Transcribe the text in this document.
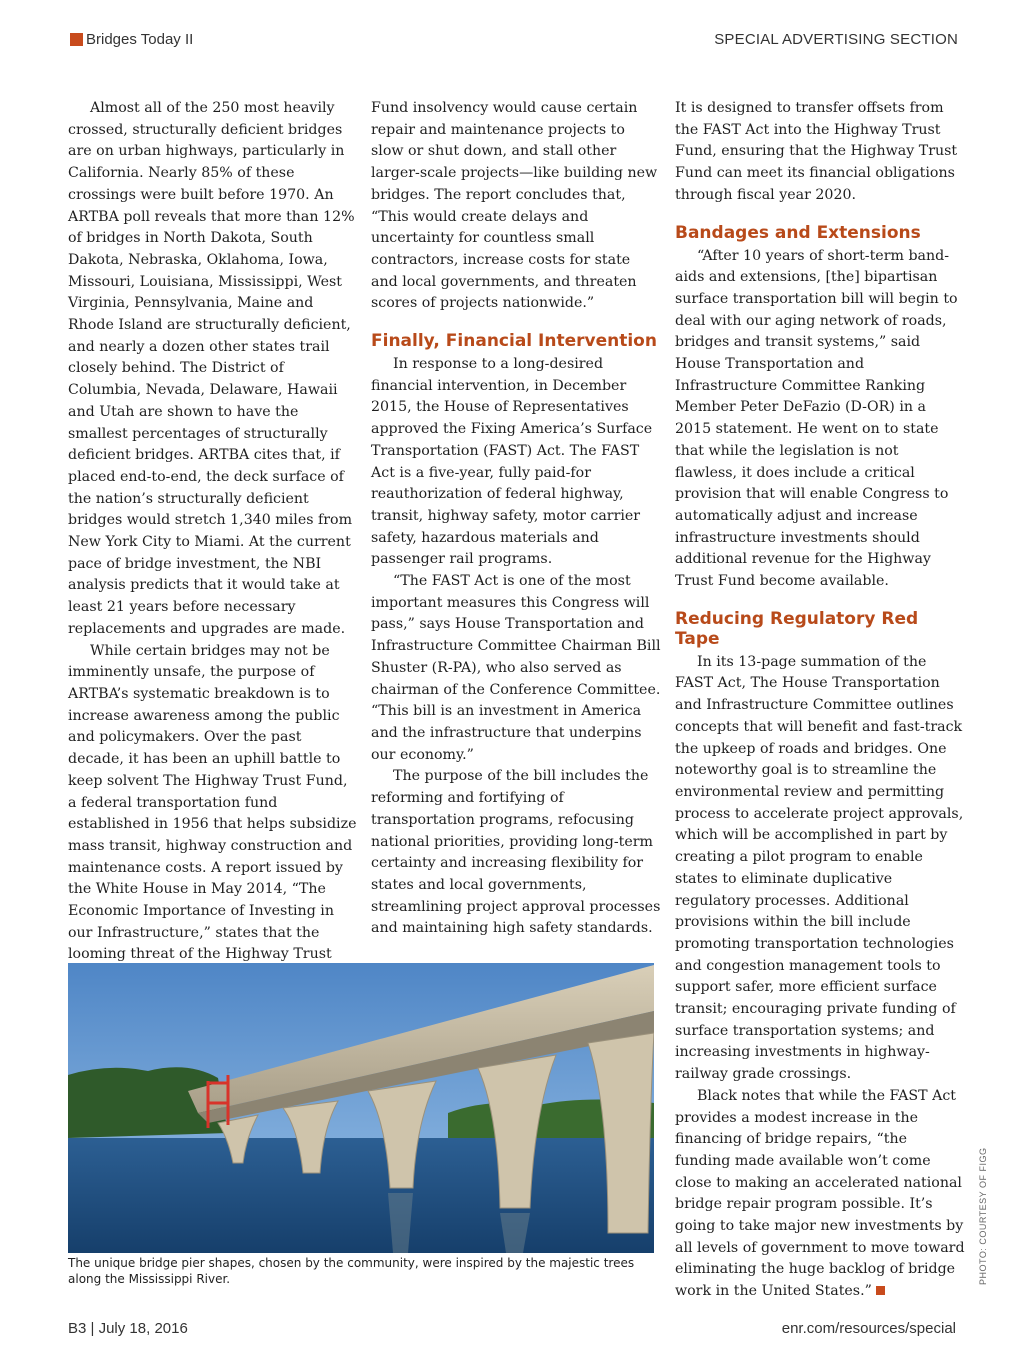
Bridges Today II	SPECIAL ADVERTISING SECTION

Almost all of the 250 most heavily crossed, structurally deficient bridges are on urban highways, particularly in California. Nearly 85% of these crossings were built before 1970. An ARTBA poll reveals that more than 12% of bridges in North Dakota, South Dakota, Nebraska, Oklahoma, Iowa, Missouri, Louisiana, Mississippi, West Virginia, Pennsylvania, Maine and Rhode Island are structurally deficient, and nearly a dozen other states trail closely behind. The District of Columbia, Nevada, Delaware, Hawaii and Utah are shown to have the smallest percentages of structurally deficient bridges. ARTBA cites that, if placed end-to-end, the deck surface of the nation’s structurally deficient bridges would stretch 1,340 miles from New York City to Miami. At the current pace of bridge investment, the NBI analysis predicts that it would take at least 21 years before necessary replacements and upgrades are made.

While certain bridges may not be imminently unsafe, the purpose of ARTBA’s systematic breakdown is to increase awareness among the public and policymakers. Over the past decade, it has been an uphill battle to keep solvent The Highway Trust Fund, a federal transportation fund established in 1956 that helps subsidize mass transit, highway construction and maintenance costs. A report issued by the White House in May 2014, “The Economic Importance of Investing in our Infrastructure,” states that the looming threat of the Highway Trust

Fund insolvency would cause certain repair and maintenance projects to slow or shut down, and stall other larger-scale projects—like building new bridges. The report concludes that, “This would create delays and uncertainty for countless small contractors, increase costs for state and local governments, and threaten scores of projects nationwide.”

Finally, Financial Intervention

In response to a long-desired financial intervention, in December 2015, the House of Representatives approved the Fixing America’s Surface Transportation (FAST) Act. The FAST Act is a five-year, fully paid-for reauthorization of federal highway, transit, highway safety, motor carrier safety, hazardous materials and passenger rail programs.

“The FAST Act is one of the most important measures this Congress will pass,” says House Transportation and Infrastructure Committee Chairman Bill Shuster (R-PA), who also served as chairman of the Conference Committee. “This bill is an investment in America and the infrastructure that underpins our economy.”

The purpose of the bill includes the reforming and fortifying of transportation programs, refocusing national priorities, providing long-term certainty and increasing flexibility for states and local governments, streamlining project approval processes and maintaining high safety standards.

It is designed to transfer offsets from the FAST Act into the Highway Trust Fund, ensuring that the Highway Trust Fund can meet its financial obligations through fiscal year 2020.

Bandages and Extensions

“After 10 years of short-term band-aids and extensions, [the] bipartisan surface transportation bill will begin to deal with our aging network of roads, bridges and transit systems,” said House Transportation and Infrastructure Committee Ranking Member Peter DeFazio (D-OR) in a 2015 statement. He went on to state that while the legislation is not flawless, it does include a critical provision that will enable Congress to automatically adjust and increase infrastructure investments should additional revenue for the Highway Trust Fund become available.

Reducing Regulatory Red Tape

In its 13-page summation of the FAST Act, The House Transportation and Infrastructure Committee outlines concepts that will benefit and fast-track the upkeep of roads and bridges. One noteworthy goal is to streamline the environmental review and permitting process to accelerate project approvals, which will be accomplished in part by creating a pilot program to enable states to eliminate duplicative regulatory processes. Additional provisions within the bill include promoting transportation technologies and congestion management tools to support safer, more efficient surface transit; encouraging private funding of surface transportation systems; and increasing investments in highway-railway grade crossings.

Black notes that while the FAST Act provides a modest increase in the financing of bridge repairs, “the funding made available won’t come close to making an accelerated national bridge repair program possible. It’s going to take major new investments by all levels of government to move toward eliminating the huge backlog of bridge work in the United States.”

The unique bridge pier shapes, chosen by the community, were inspired by the majestic trees along the Mississippi River.	PHOTO: COURTESY OF FIGG
B3 | July 18, 2016	enr.com/resources/special
